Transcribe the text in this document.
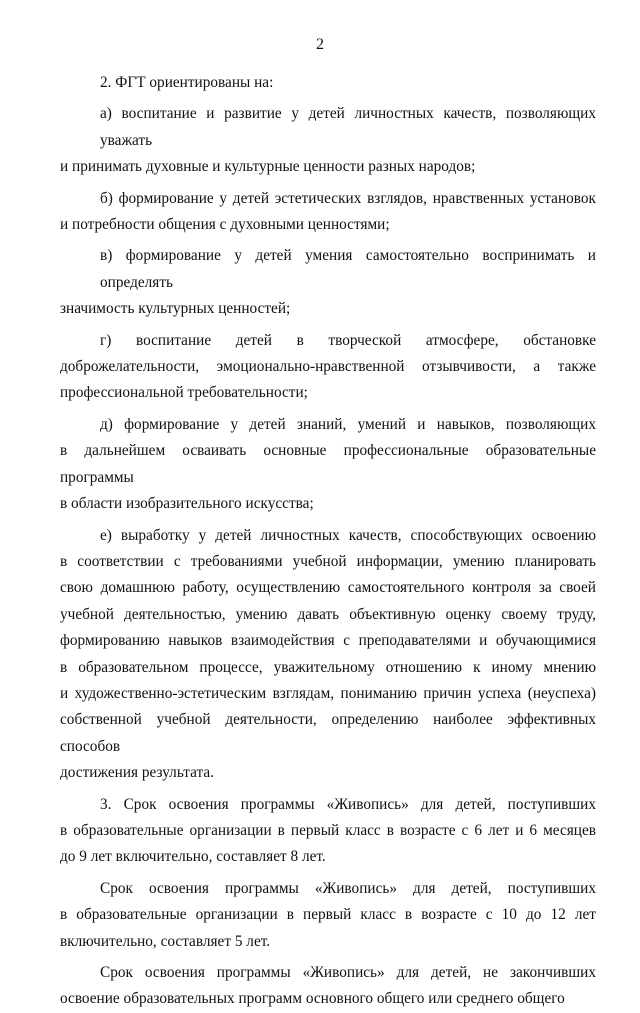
2
2. ФГТ ориентированы на:
а) воспитание и развитие у детей личностных качеств, позволяющих уважать
и принимать духовные и культурные ценности разных народов;
б) формирование у детей эстетических взглядов, нравственных установок
и потребности общения с духовными ценностями;
в) формирование у детей умения самостоятельно воспринимать и определять
значимость культурных ценностей;
г) воспитание детей в творческой атмосфере, обстановке
доброжелательности, эмоционально-нравственной отзывчивости, а также
профессиональной требовательности;
д) формирование у детей знаний, умений и навыков, позволяющих
в дальнейшем осваивать основные профессиональные образовательные программы
в области изобразительного искусства;
е) выработку у детей личностных качеств, способствующих освоению
в соответствии с требованиями учебной информации, умению планировать
свою домашнюю работу, осуществлению самостоятельного контроля за своей
учебной деятельностью, умению давать объективную оценку своему труду,
формированию навыков взаимодействия с преподавателями и обучающимися
в образовательном процессе, уважительному отношению к иному мнению
и художественно-эстетическим взглядам, пониманию причин успеха (неуспеха)
собственной учебной деятельности, определению наиболее эффективных способов
достижения результата.
3. Срок освоения программы «Живопись» для детей, поступивших
в образовательные организации в первый класс в возрасте с 6 лет и 6 месяцев
до 9 лет включительно, составляет 8 лет.
Срок освоения программы «Живопись» для детей, поступивших
в образовательные организации в первый класс в возрасте с 10 до 12 лет
включительно, составляет 5 лет.
Срок освоения программы «Живопись» для детей, не закончивших
освоение образовательных программ основного общего или среднего общего
